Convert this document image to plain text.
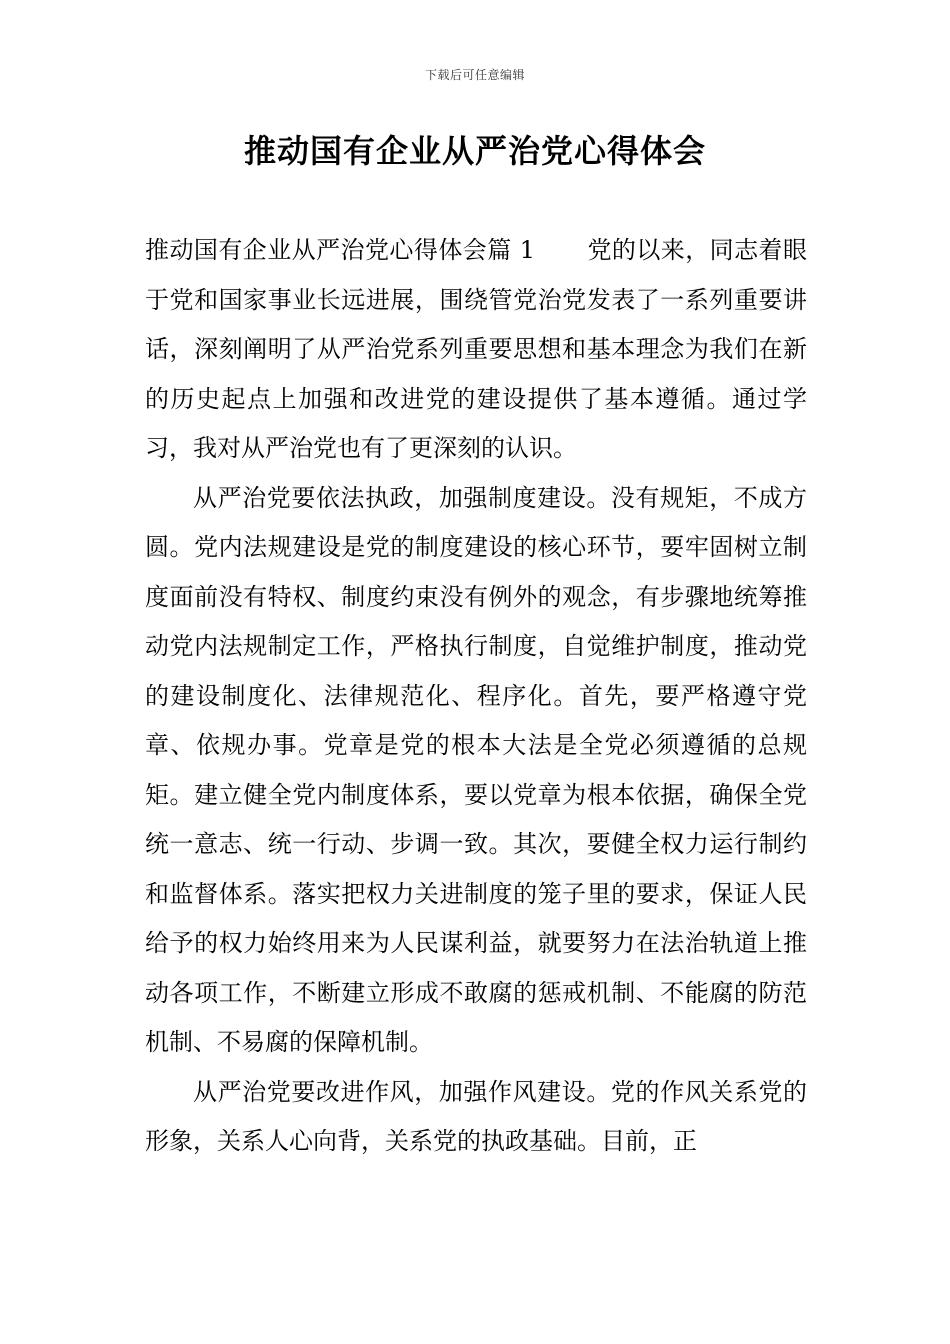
下载后可任意编辑
推动国有企业从严治党心得体会

推动国有企业从严治党心得体会篇 1 党的以来，同志着眼于党和国家事业长远进展，围绕管党治党发表了一系列重要讲话，深刻阐明了从严治党系列重要思想和基本理念为我们在新的历史起点上加强和改进党的建设提供了基本遵循。通过学习，我对从严治党也有了更深刻的认识。

从严治党要依法执政，加强制度建设。没有规矩，不成方圆。党内法规建设是党的制度建设的核心环节，要牢固树立制度面前没有特权、制度约束没有例外的观念，有步骤地统筹推动党内法规制定工作，严格执行制度，自觉维护制度，推动党的建设制度化、法律规范化、程序化。首先，要严格遵守党章、依规办事。党章是党的根本大法是全党必须遵循的总规矩。建立健全党内制度体系，要以党章为根本依据，确保全党统一意志、统一行动、步调一致。其次，要健全权力运行制约和监督体系。落实把权力关进制度的笼子里的要求，保证人民给予的权力始终用来为人民谋利益，就要努力在法治轨道上推动各项工作，不断建立形成不敢腐的惩戒机制、不能腐的防范机制、不易腐的保障机制。

从严治党要改进作风，加强作风建设。党的作风关系党的形象，关系人心向背，关系党的执政基础。目前，正
